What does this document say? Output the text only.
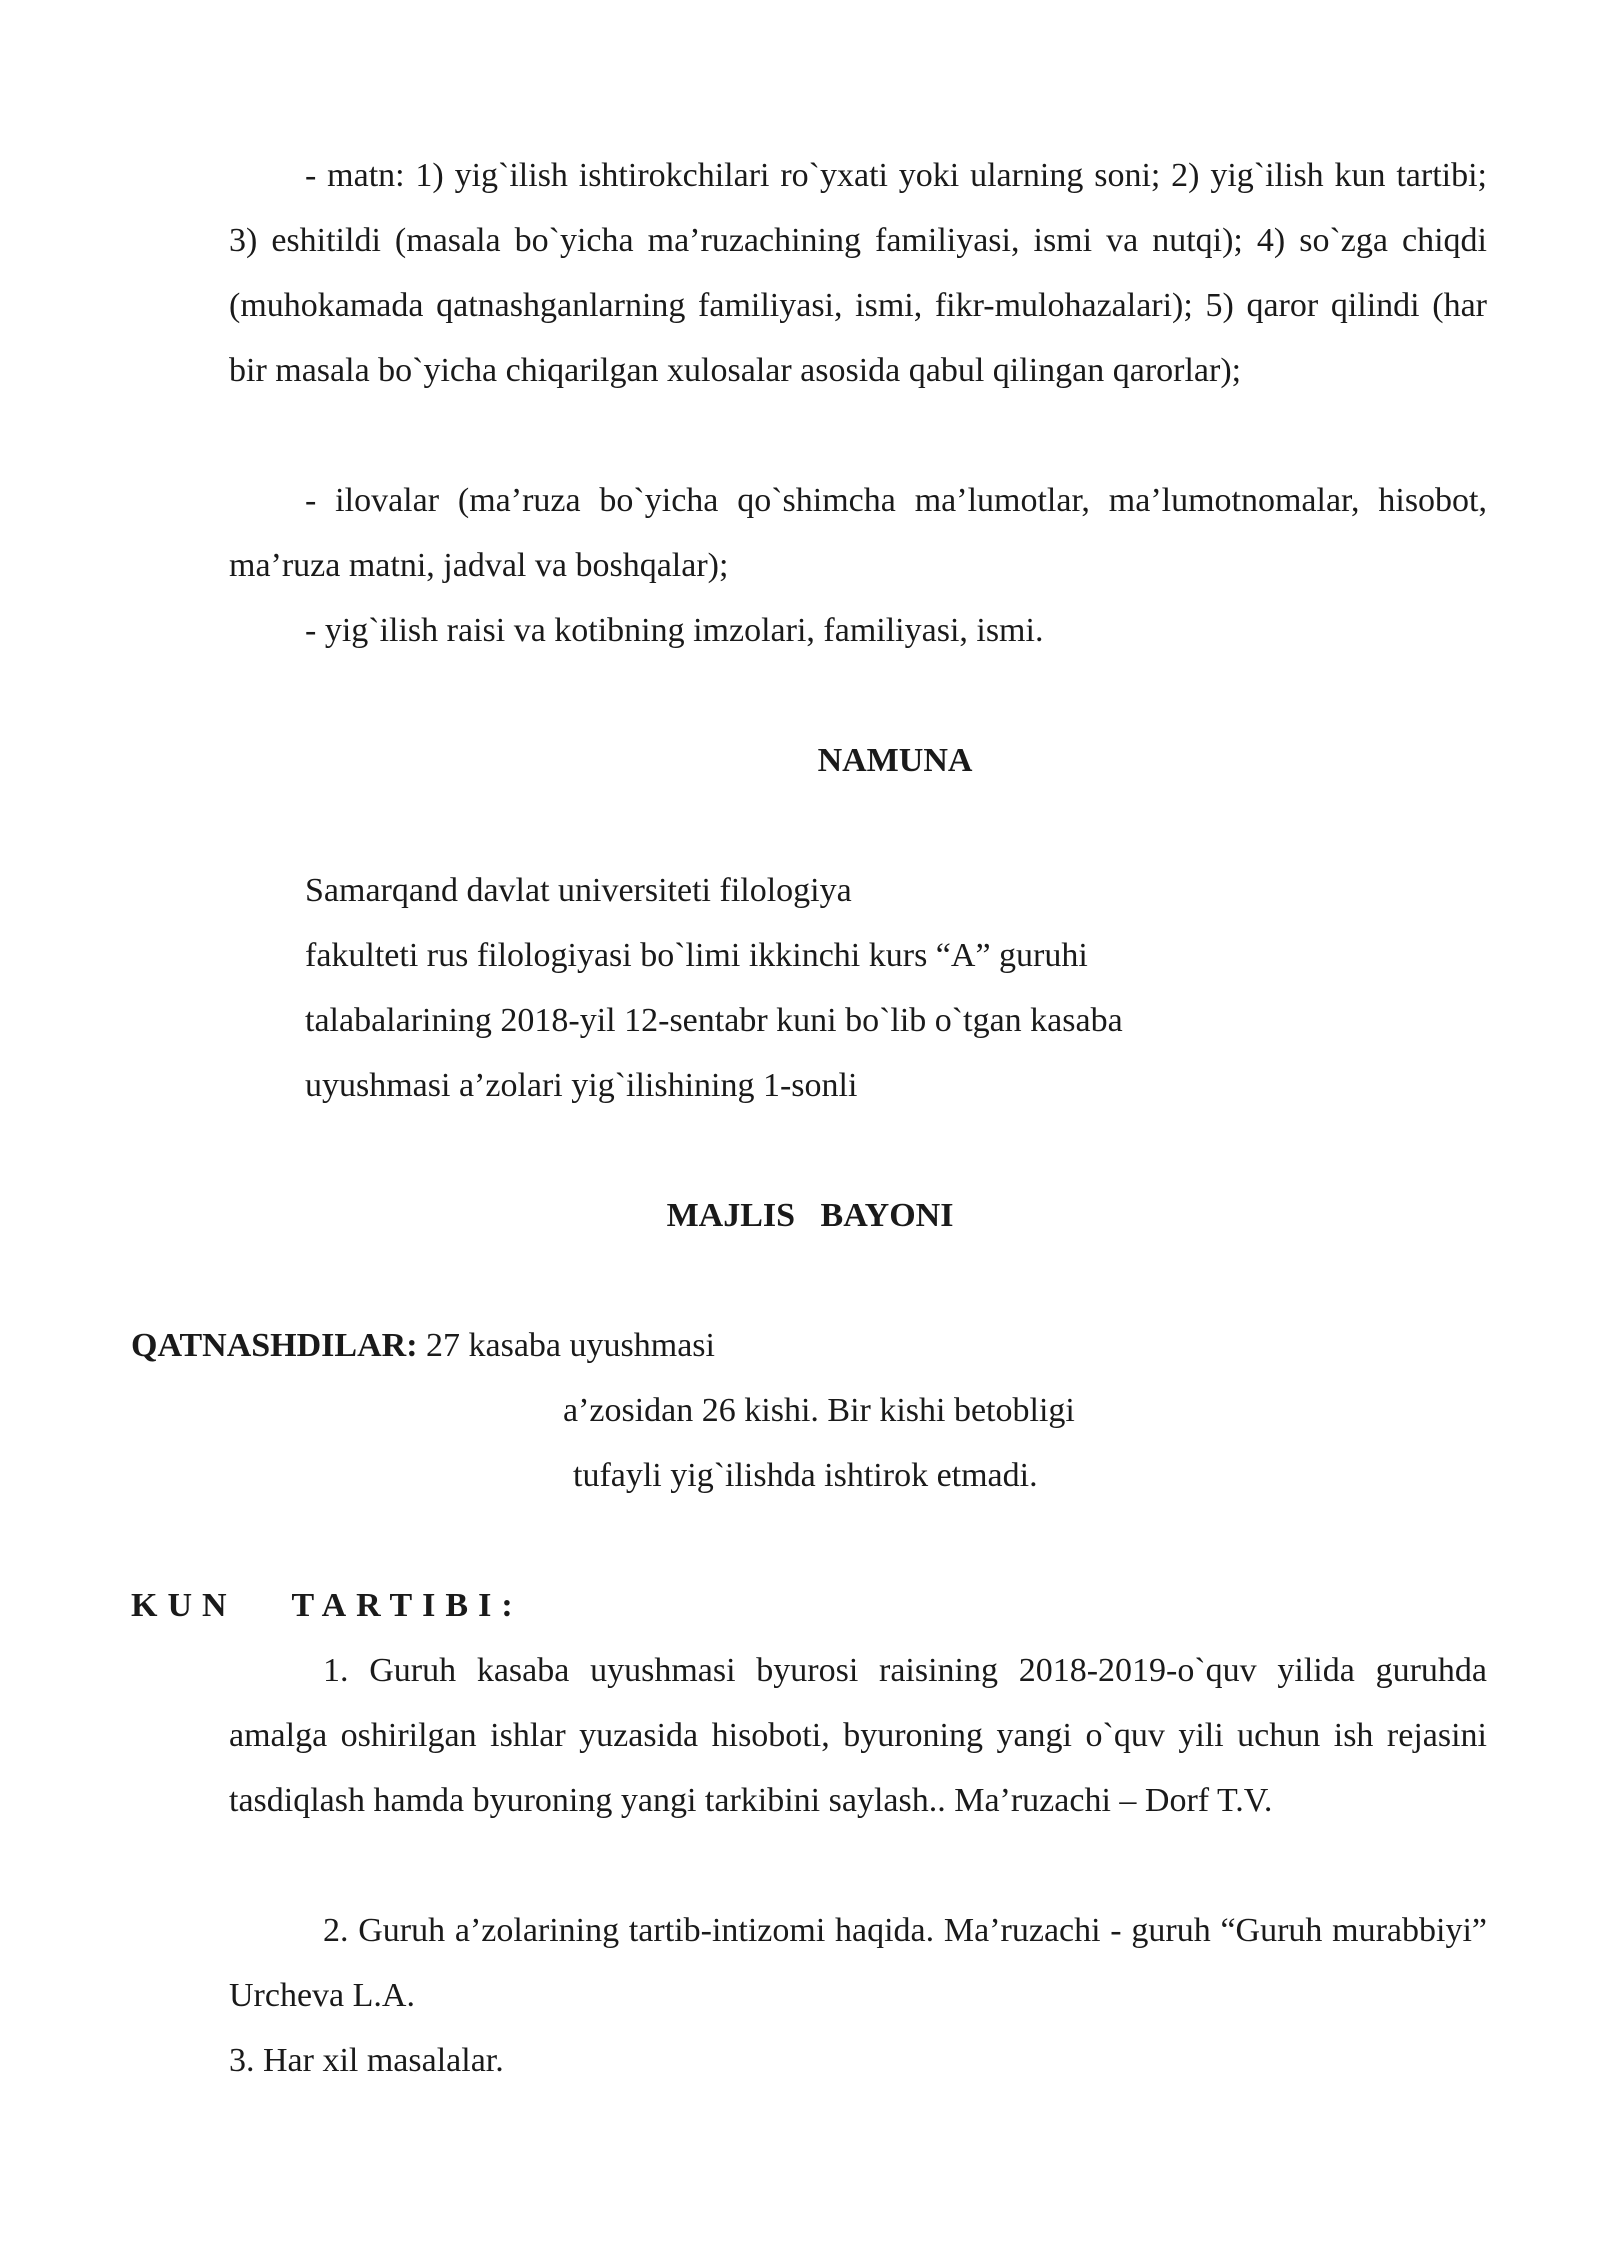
- matn: 1) yig`ilish ishtirokchilari ro`yxati yoki ularning soni; 2) yig`ilish kun tartibi; 3) eshitildi (masala bo`yicha ma’ruzachining familiyasi, ismi va nutqi); 4) so`zga chiqdi (muhokamada qatnashganlarning familiyasi, ismi, fikr-mulohazalari); 5) qaror qilindi (har bir masala bo`yicha chiqarilgan xulosalar asosida qabul qilingan qarorlar);

- ilovalar (ma’ruza bo`yicha qo`shimcha ma’lumotlar, ma’lumotnomalar, hisobot, ma’ruza matni, jadval va boshqalar);

- yig`ilish raisi va kotibning imzolari, familiyasi, ismi.

NAMUNA

Samarqand davlat universiteti filologiya
fakulteti rus filologiyasi bo`limi ikkinchi kurs “A” guruhi
talabalarining 2018-yil 12-sentabr kuni bo`lib o`tgan kasaba
uyushmasi a’zolari yig`ilishining 1-sonli

MAJLIS   BAYONI

QATNASHDILAR: 27 kasaba uyushmasi

a’zosidan 26 kishi. Bir kishi betobligi

tufayli yig`ilishda ishtirok etmadi.

KUN   TARTIBI:

1. Guruh kasaba uyushmasi byurosi raisining 2018-2019-o`quv yilida guruhda amalga oshirilgan ishlar yuzasida hisoboti, byuroning yangi o`quv yili uchun ish rejasini tasdiqlash hamda byuroning yangi tarkibini saylash.. Ma’ruzachi – Dorf T.V.

2. Guruh a’zolarining tartib-intizomi haqida. Ma’ruzachi - guruh “Guruh murabbiyi” Urcheva L.A.

3. Har xil masalalar.
